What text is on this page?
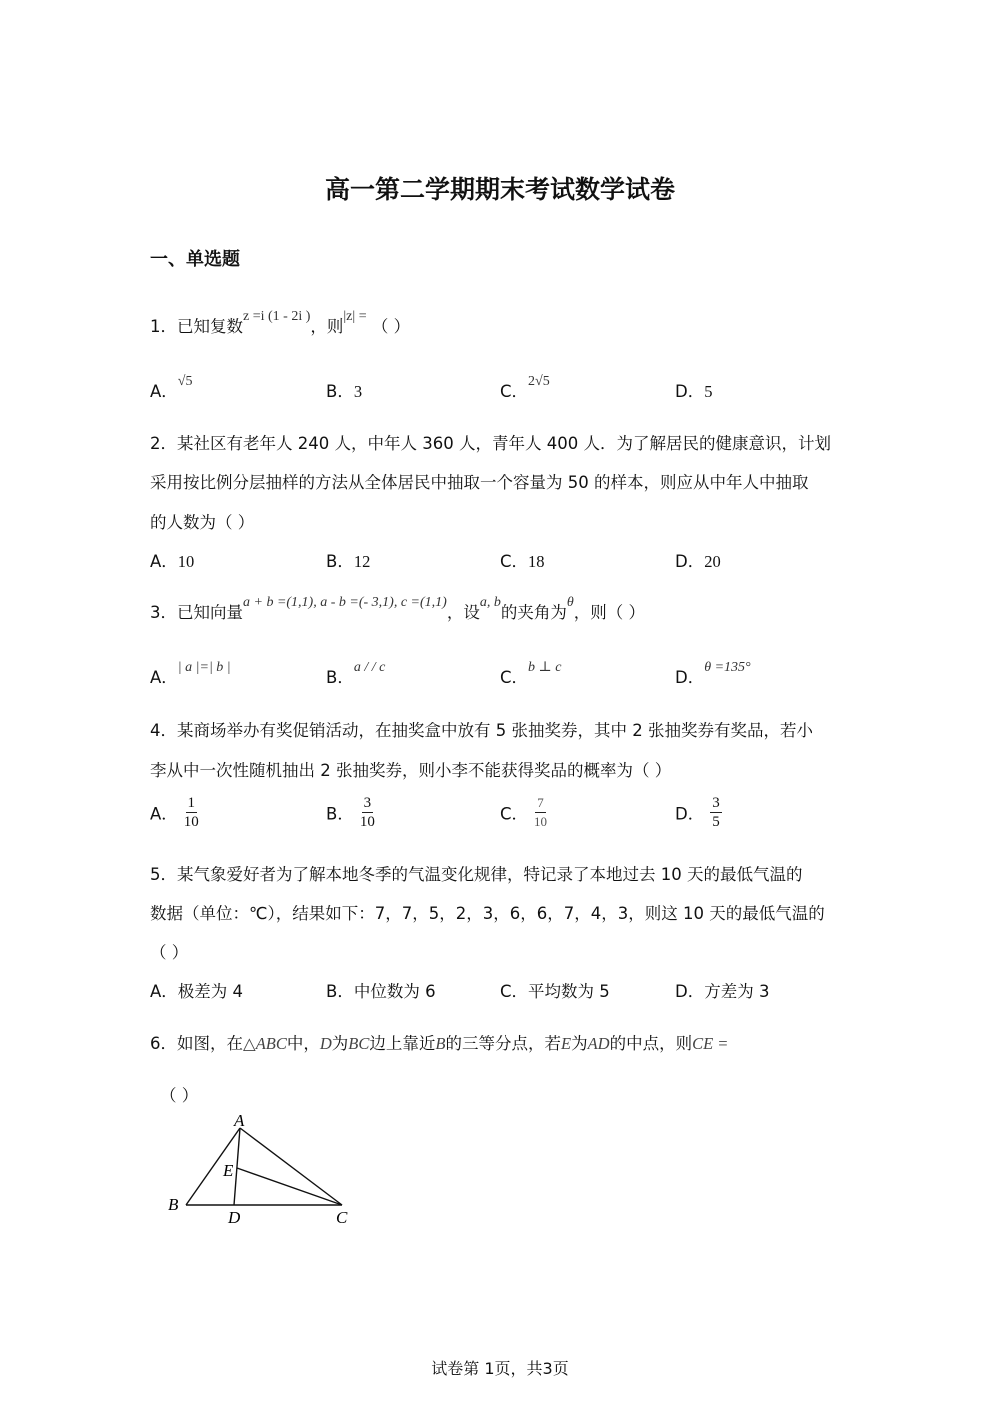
高一第二学期期末考试数学试卷
一、单选题
1．已知复数$^{z =i (1 - 2i )}$，则$^{|z| =}$ （ ）
A．$^{√5}$
B．3	C．$^{2√5}$
D．5
2．某社区有老年人 240 人，中年人 360 人，青年人 400 人．为了解居民的健康意识，计划
采用按比例分层抽样的方法从全体居民中抽取一个容量为 50 的样本，则应从中年人中抽取
的人数为（ ）
A．10	B．12	C．18	D．20
3．已知向量$^{a + b =(1,1), a - b =(- 3,1), c =(1,1)}$，设$^{a, b}$的夹角为$^\theta$，则（ ）
A．$^{| a |=| b |}$
B．$^{a / / c}$
C．$^{b \perp c}$
D．$^{\theta =135^\circ}$
4．某商场举办有奖促销活动，在抽奖盒中放有 5 张抽奖券，其中 2 张抽奖券有奖品，若小
李从中一次性随机抽出 2 张抽奖券，则小李不能获得奖品的概率为（ ）
A． $\frac{1}{10}$	B． $\frac{3}{10}$	C． $\frac{7}{10}$	D． $\frac{3}{5}$
5．某气象爱好者为了解本地冬季的气温变化规律，特记录了本地过去 10 天的最低气温的
数据（单位：℃），结果如下：7，7，5，2，3，6，6，7，4，3，则这 10 天的最低气温的
（ ）
A．极差为 4	B．中位数为 6	C．平均数为 5	D．方差为 3
6．如图，在△ABC中，D为BC边上靠近B的三等分点，若E为AD的中点，则CE =
（ ）
A
E
B
D	C
试卷第 1页，共3页
